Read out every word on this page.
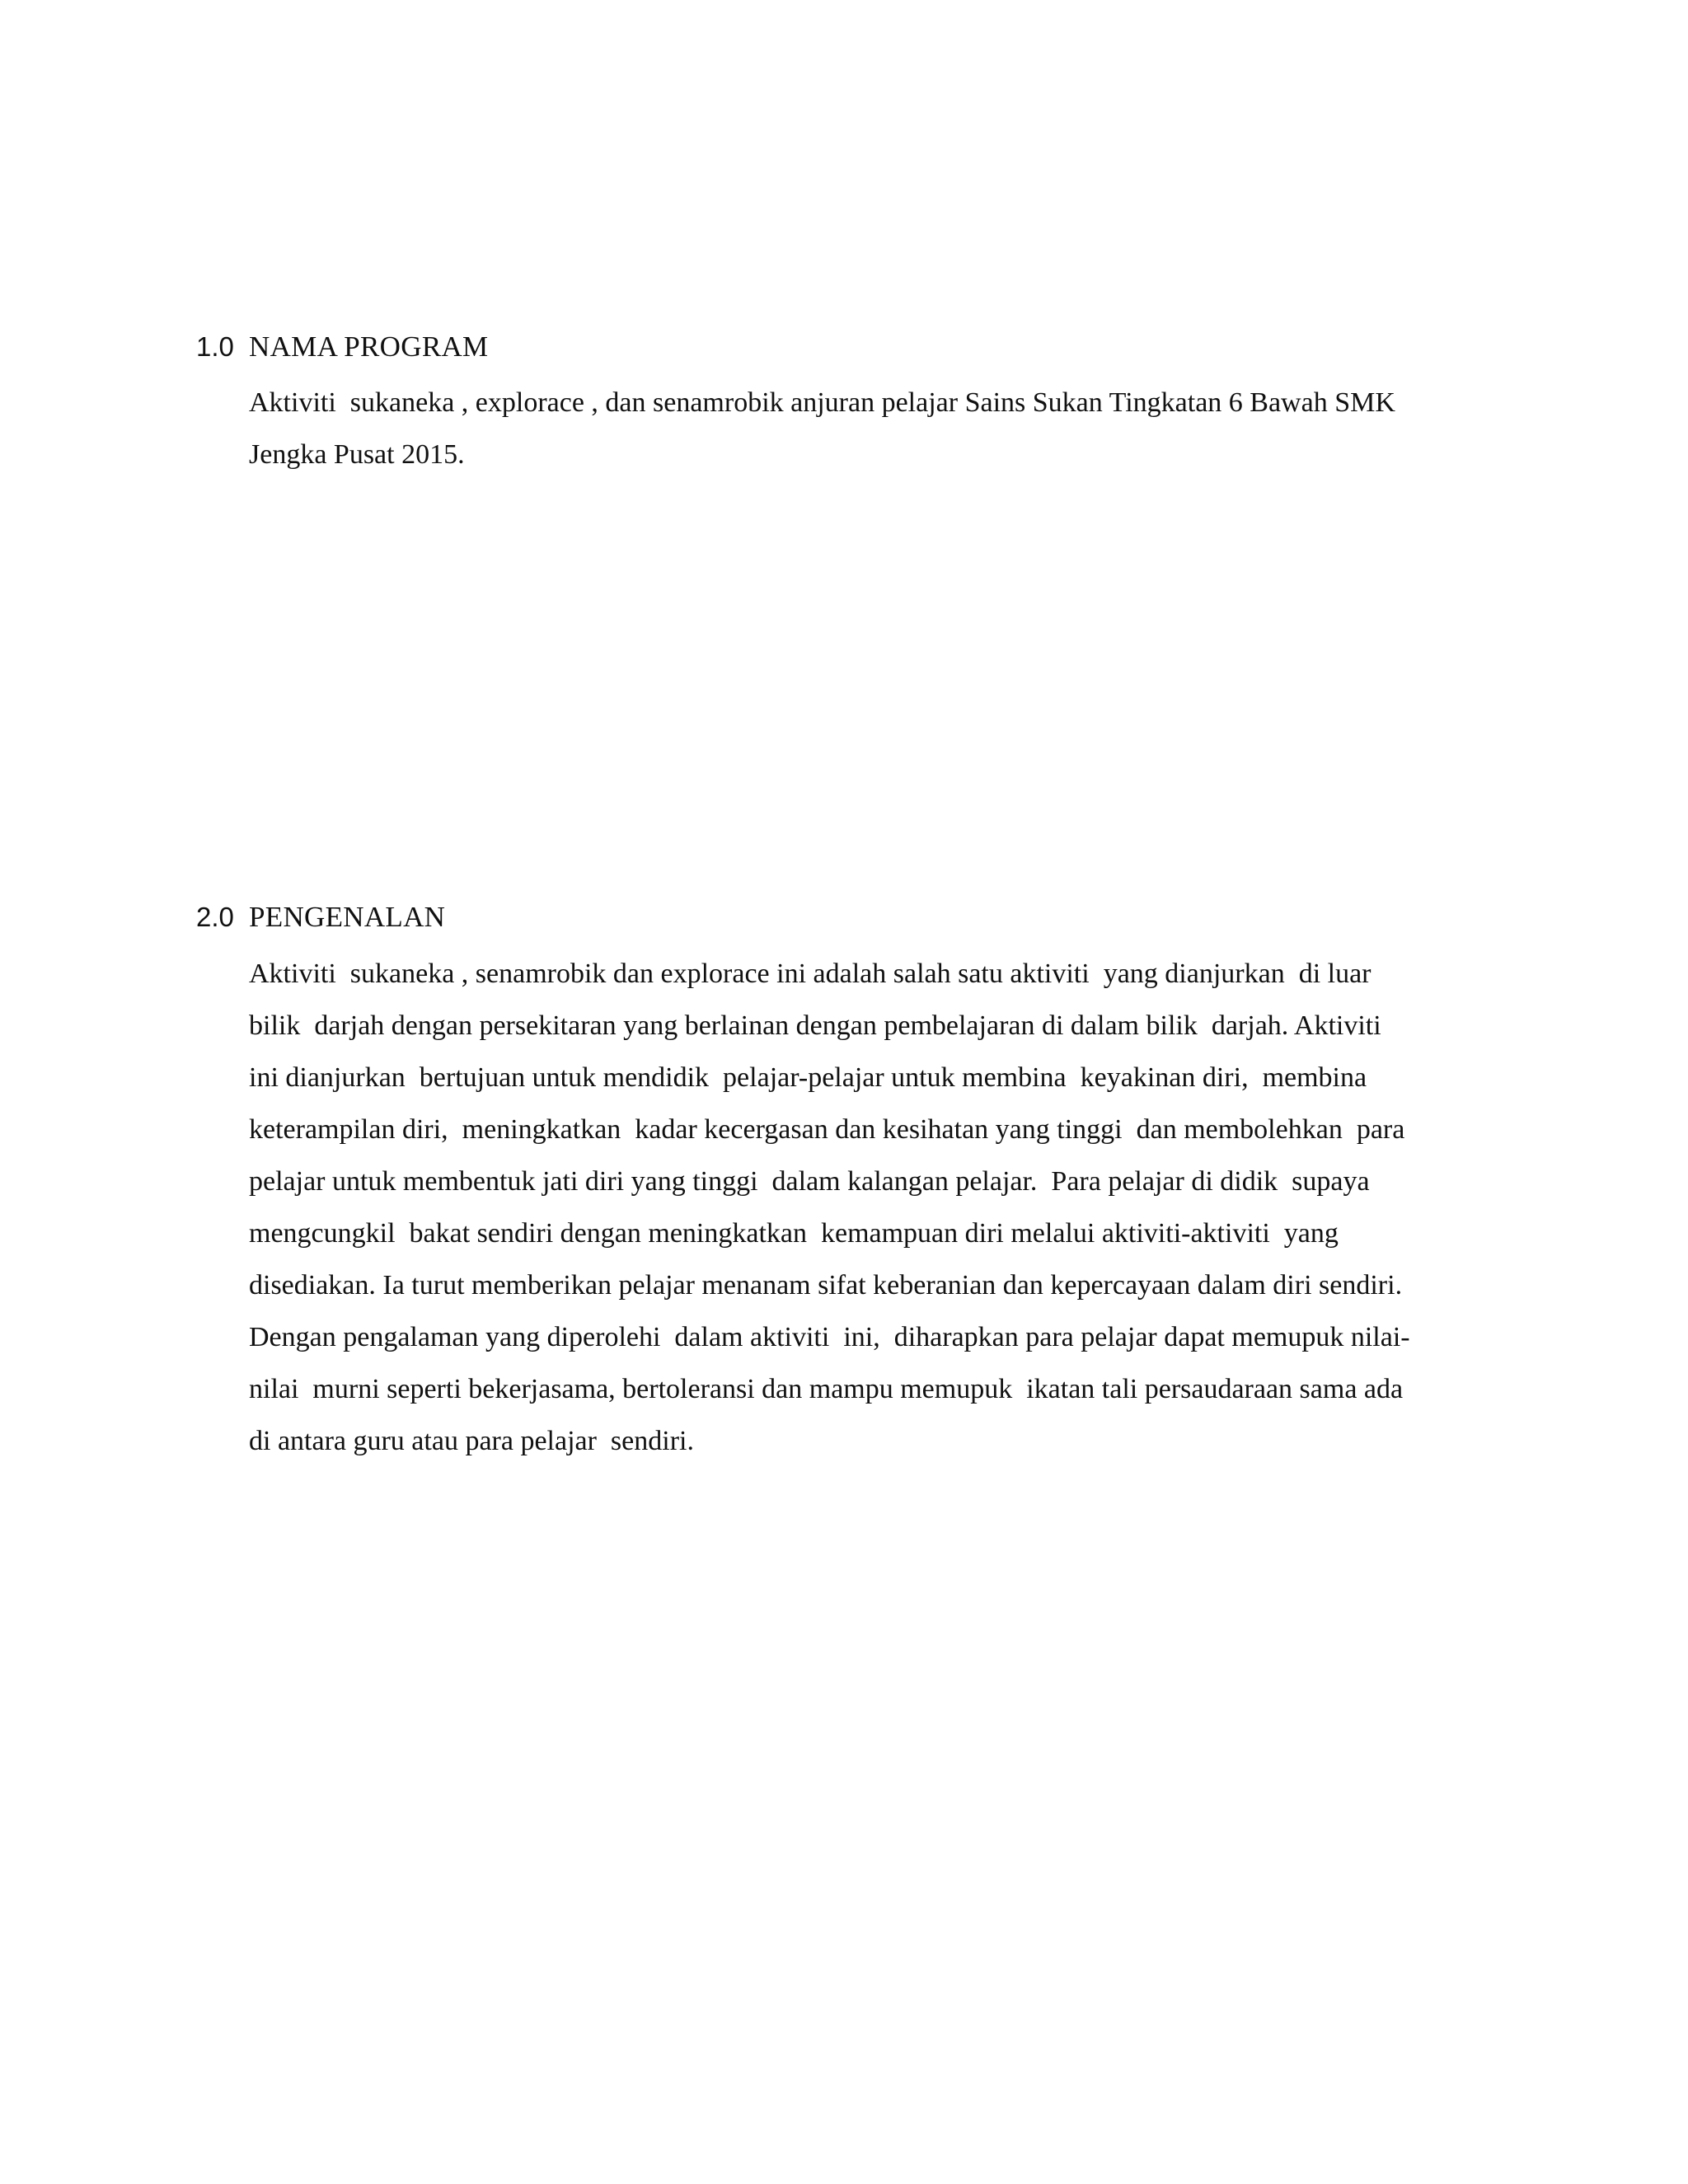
1.0 NAMA PROGRAM

Aktiviti  sukaneka , explorace , dan senamrobik anjuran pelajar Sains Sukan Tingkatan 6 Bawah SMK
Jengka Pusat 2015.

2.0 PENGENALAN

Aktiviti  sukaneka , senamrobik dan explorace ini adalah salah satu aktiviti  yang dianjurkan  di luar
bilik  darjah dengan persekitaran yang berlainan dengan pembelajaran di dalam bilik  darjah. Aktiviti
ini dianjurkan  bertujuan untuk mendidik  pelajar-pelajar untuk membina  keyakinan diri,  membina
keterampilan diri,  meningkatkan  kadar kecergasan dan kesihatan yang tinggi  dan membolehkan  para
pelajar untuk membentuk jati diri yang tinggi  dalam kalangan pelajar.  Para pelajar di didik  supaya
mengcungkil  bakat sendiri dengan meningkatkan  kemampuan diri melalui aktiviti-aktiviti  yang
disediakan. Ia turut memberikan pelajar menanam sifat keberanian dan kepercayaan dalam diri sendiri.
Dengan pengalaman yang diperolehi  dalam aktiviti  ini,  diharapkan para pelajar dapat memupuk nilai-
nilai  murni seperti bekerjasama, bertoleransi dan mampu memupuk  ikatan tali persaudaraan sama ada
di antara guru atau para pelajar  sendiri.
